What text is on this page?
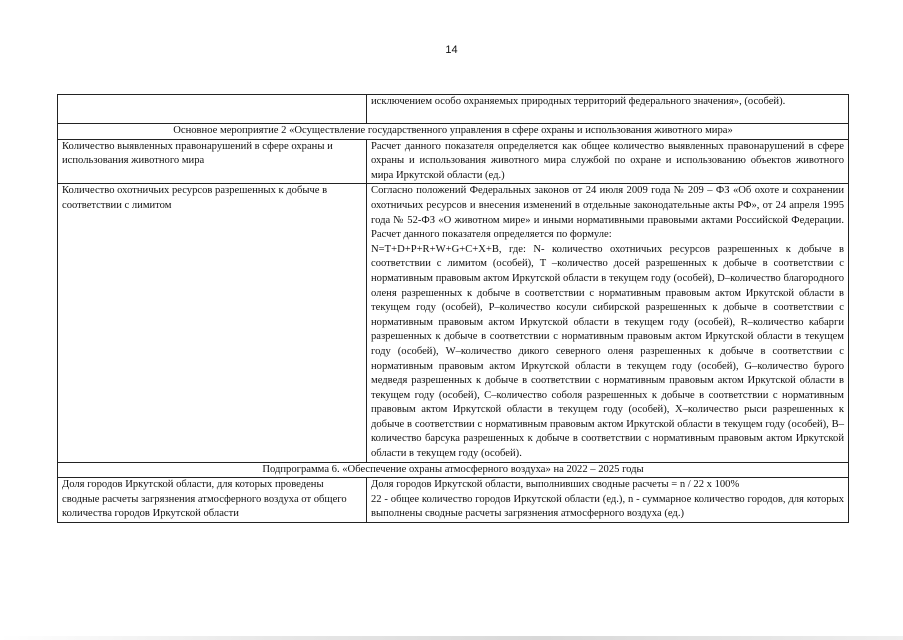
14
	исключением особо охраняемых природных территорий федерального значения», (особей).
Основное мероприятие 2 «Осуществление государственного управления в сфере охраны и использования животного мира»	
Количество выявленных правонарушений в сфере охраны и использования животного мира	Расчет данного показателя определяется как общее количество выявленных правонарушений в сфере охраны и использования животного мира службой по охране и использованию объектов животного мира Иркутской области (ед.)
Количество охотничьих ресурсов разрешенных к добыче в соответствии с лимитом	Согласно положений Федеральных законов от 24 июля 2009 года № 209 – ФЗ «Об охоте и сохранении охотничьих ресурсов и внесения изменений в отдельные законодательные акты РФ», от 24 апреля 1995 года № 52-ФЗ «О животном мире» и иными нормативными правовыми актами Российской Федерации. Расчет данного показателя определяется по формуле:

N=T+D+P+R+W+G+C+X+B, где: N- количество охотничьих ресурсов разрешенных к добыче в соответствии с лимитом (особей), T –количество досей разрешенных к добыче в соответствии с нормативным правовым актом Иркутской области в текущем году (особей), D–количество благородного оленя разрешенных к добыче в соответствии с нормативным правовым актом Иркутской области в текущем году (особей), P–количество косули сибирской разрешенных к добыче в соответствии с нормативным правовым актом Иркутской области в текущем году (особей), R–количество кабарги разрешенных к добыче в соответствии с нормативным правовым актом Иркутской области в текущем году (особей), W–количество дикого северного оленя разрешенных к добыче в соответствии с нормативным правовым актом Иркутской области в текущем году (особей), G–количество бурого медведя разрешенных к добыче в соответствии с нормативным правовым актом Иркутской области в текущем году (особей), C–количество соболя разрешенных к добыче в соответствии с нормативным правовым актом Иркутской области в текущем году (особей), X–количество рыси разрешенных к добыче в соответствии с нормативным правовым актом Иркутской области в текущем году (особей), B–количество барсука разрешенных к добыче в соответствии с нормативным правовым актом Иркутской области в текущем году (особей).

Подпрограмма 6. «Обеспечение охраны атмосферного воздуха» на 2022 – 2025 годы	
Доля городов Иркутской области, для которых проведены сводные расчеты загрязнения атмосферного воздуха от общего количества городов Иркутской области	Доля городов Иркутской области, выполнивших сводные расчеты = n / 22 х 100%

22 - общее количество городов Иркутской области (ед.), n - суммарное количество городов, для которых выполнены сводные расчеты загрязнения атмосферного воздуха (ед.)
